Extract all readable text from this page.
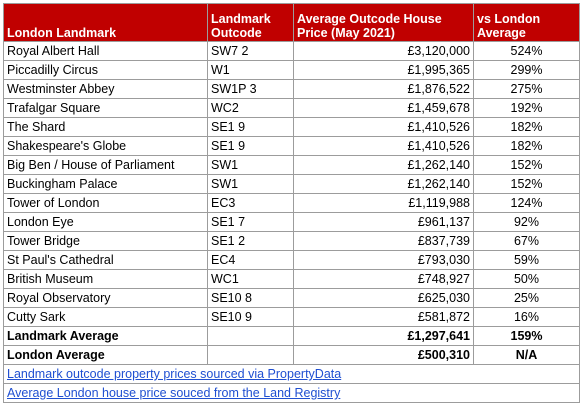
London Landmark	Landmark Outcode	Average Outcode House Price (May 2021)	vs London Average
Royal Albert Hall	SW7 2	£3,120,000	524%
Piccadilly Circus	W1	£1,995,365	299%
Westminster Abbey	SW1P 3	£1,876,522	275%
Trafalgar Square	WC2	£1,459,678	192%
The Shard	SE1 9	£1,410,526	182%
Shakespeare's Globe	SE1 9	£1,410,526	182%
Big Ben / House of Parliament	SW1	£1,262,140	152%
Buckingham Palace	SW1	£1,262,140	152%
Tower of London	EC3	£1,119,988	124%
London Eye	SE1 7	£961,137	92%
Tower Bridge	SE1 2	£837,739	67%
St Paul's Cathedral	EC4	£793,030	59%
British Museum	WC1	£748,927	50%
Royal Observatory	SE10 8	£625,030	25%
Cutty Sark	SE10 9	£581,872	16%
Landmark Average		£1,297,641	159%
London Average		£500,310	N/A
Landmark outcode property prices sourced via PropertyData			
Average London house price souced from the Land Registry			
